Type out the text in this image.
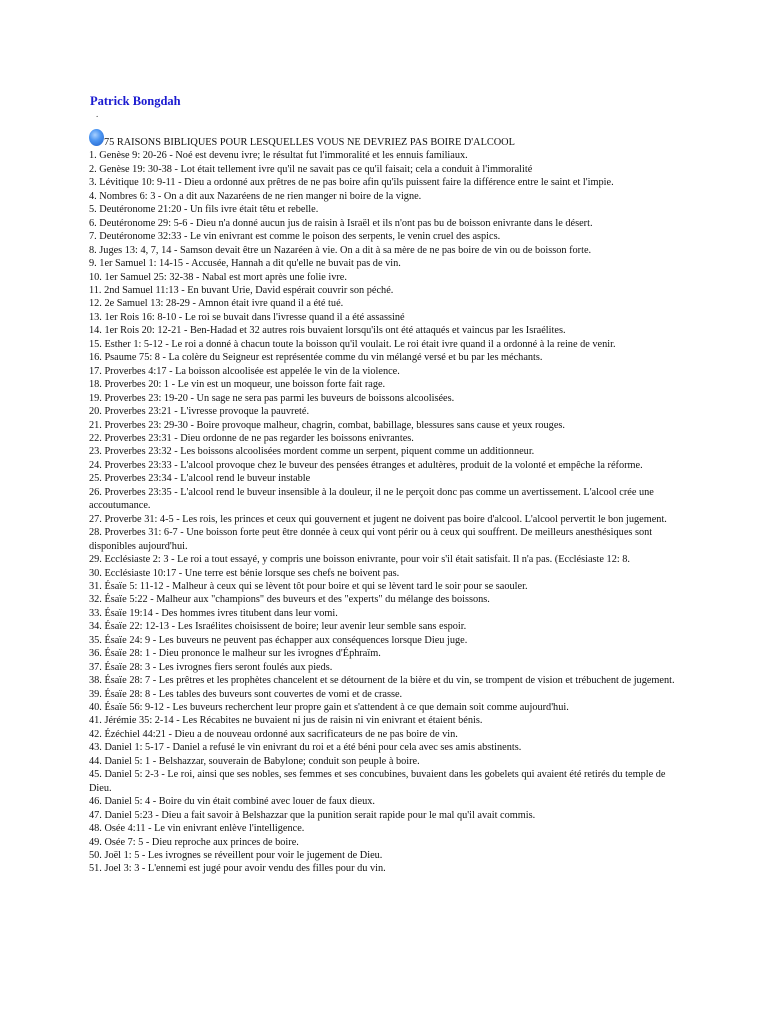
Patrick Bongdah

.
75 RAISONS BIBLIQUES POUR LESQUELLES VOUS NE DEVRIEZ PAS BOIRE D'ALCOOL

1. Genèse 9: 20-26 - Noé est devenu ivre; le résultat fut l'immoralité et les ennuis familiaux.

2. Genèse 19: 30-38 - Lot était tellement ivre qu'il ne savait pas ce qu'il faisait; cela a conduit à l'immoralité

3. Lévitique 10: 9-11 - Dieu a ordonné aux prêtres de ne pas boire afin qu'ils puissent faire la différence entre le saint et l'impie.

4. Nombres 6: 3 - On a dit aux Nazaréens de ne rien manger ni boire de la vigne.

5. Deutéronome 21:20 - Un fils ivre était têtu et rebelle.

6. Deutéronome 29: 5-6 - Dieu n'a donné aucun jus de raisin à Israël et ils n'ont pas bu de boisson enivrante dans le désert.

7. Deutéronome 32:33 - Le vin enivrant est comme le poison des serpents, le venin cruel des aspics.

8. Juges 13: 4, 7, 14 - Samson devait être un Nazaréen à vie. On a dit à sa mère de ne pas boire de vin ou de boisson forte.

9. 1er Samuel 1: 14-15 - Accusée, Hannah a dit qu'elle ne buvait pas de vin.

10. 1er Samuel 25: 32-38 - Nabal est mort après une folie ivre.

11. 2nd Samuel 11:13 - En buvant Urie, David espérait couvrir son péché.

12. 2e Samuel 13: 28-29 - Amnon était ivre quand il a été tué.

13. 1er Rois 16: 8-10 - Le roi se buvait dans l'ivresse quand il a été assassiné

14. 1er Rois 20: 12-21 - Ben-Hadad et 32 autres rois buvaient lorsqu'ils ont été attaqués et vaincus par les Israélites.

15. Esther 1: 5-12 - Le roi a donné à chacun toute la boisson qu'il voulait. Le roi était ivre quand il a ordonné à la reine de venir.

16. Psaume 75: 8 - La colère du Seigneur est représentée comme du vin mélangé versé et bu par les méchants.

17. Proverbes 4:17 - La boisson alcoolisée est appelée le vin de la violence.

18. Proverbes 20: 1 - Le vin est un moqueur, une boisson forte fait rage.

19. Proverbes 23: 19-20 - Un sage ne sera pas parmi les buveurs de boissons alcoolisées.

20. Proverbes 23:21 - L'ivresse provoque la pauvreté.

21. Proverbes 23: 29-30 - Boire provoque malheur, chagrin, combat, babillage, blessures sans cause et yeux rouges.

22. Proverbes 23:31 - Dieu ordonne de ne pas regarder les boissons enivrantes.

23. Proverbes 23:32 - Les boissons alcoolisées mordent comme un serpent, piquent comme un additionneur.

24. Proverbes 23:33 - L'alcool provoque chez le buveur des pensées étranges et adultères, produit de la volonté et empêche la réforme.

25. Proverbes 23:34 - L'alcool rend le buveur instable

26. Proverbes 23:35 - L'alcool rend le buveur insensible à la douleur, il ne le perçoit donc pas comme un avertissement. L'alcool crée une accoutumance.

27. Proverbe 31: 4-5 - Les rois, les princes et ceux qui gouvernent et jugent ne doivent pas boire d'alcool. L'alcool pervertit le bon jugement.

28. Proverbes 31: 6-7 - Une boisson forte peut être donnée à ceux qui vont périr ou à ceux qui souffrent. De meilleurs anesthésiques sont disponibles aujourd'hui.

29. Ecclésiaste 2: 3 - Le roi a tout essayé, y compris une boisson enivrante, pour voir s'il était satisfait. Il n'a pas. (Ecclésiaste 12: 8.

30. Ecclésiaste 10:17 - Une terre est bénie lorsque ses chefs ne boivent pas.

31. Ésaïe 5: 11-12 - Malheur à ceux qui se lèvent tôt pour boire et qui se lèvent tard le soir pour se saouler.

32. Ésaïe 5:22 - Malheur aux "champions" des buveurs et des "experts" du mélange des boissons.

33. Ésaïe 19:14 - Des hommes ivres titubent dans leur vomi.

34. Ésaïe 22: 12-13 - Les Israélites choisissent de boire; leur avenir leur semble sans espoir.

35. Ésaïe 24: 9 - Les buveurs ne peuvent pas échapper aux conséquences lorsque Dieu juge.

36. Ésaïe 28: 1 - Dieu prononce le malheur sur les ivrognes d'Éphraïm.

37. Ésaïe 28: 3 - Les ivrognes fiers seront foulés aux pieds.

38. Ésaïe 28: 7 - Les prêtres et les prophètes chancelent et se détournent de la bière et du vin, se trompent de vision et trébuchent de jugement.

39. Ésaïe 28: 8 - Les tables des buveurs sont couvertes de vomi et de crasse.

40. Ésaïe 56: 9-12 - Les buveurs recherchent leur propre gain et s'attendent à ce que demain soit comme aujourd'hui.

41. Jérémie 35: 2-14 - Les Récabites ne buvaient ni jus de raisin ni vin enivrant et étaient bénis.

42. Ézéchiel 44:21 - Dieu a de nouveau ordonné aux sacrificateurs de ne pas boire de vin.

43. Daniel 1: 5-17 - Daniel a refusé le vin enivrant du roi et a été béni pour cela avec ses amis abstinents.

44. Daniel 5: 1 - Belshazzar, souverain de Babylone; conduit son peuple à boire.

45. Daniel 5: 2-3 - Le roi, ainsi que ses nobles, ses femmes et ses concubines, buvaient dans les gobelets qui avaient été retirés du temple de Dieu.

46. Daniel 5: 4 - Boire du vin était combiné avec louer de faux dieux.

47. Daniel 5:23 - Dieu a fait savoir à Belshazzar que la punition serait rapide pour le mal qu'il avait commis.

48. Osée 4:11 - Le vin enivrant enlève l'intelligence.

49. Osée 7: 5 - Dieu reproche aux princes de boire.

50. Joël 1: 5 - Les ivrognes se réveillent pour voir le jugement de Dieu.

51. Joel 3: 3 - L'ennemi est jugé pour avoir vendu des filles pour du vin.
